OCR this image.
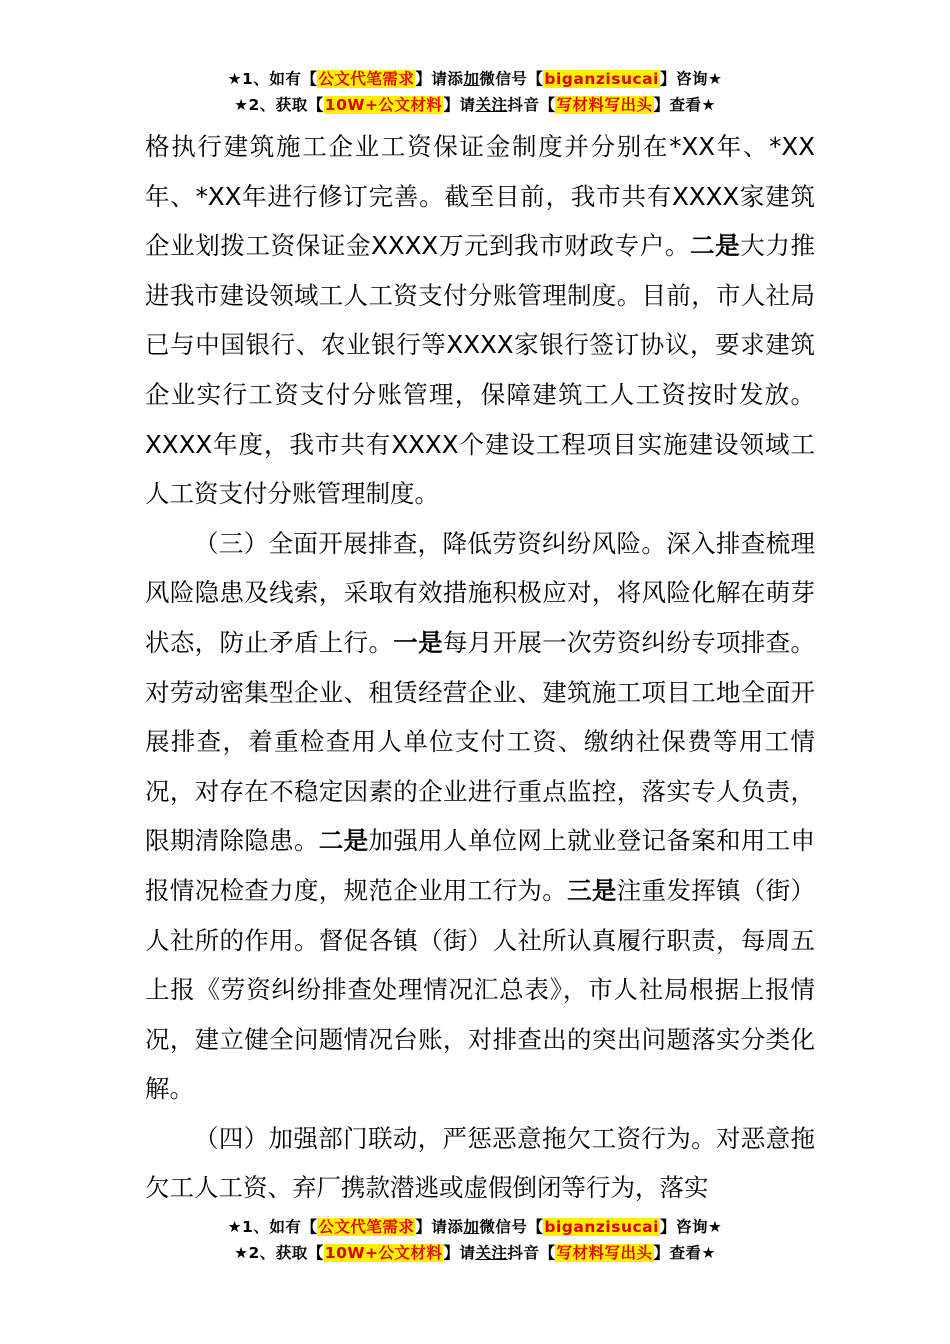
★1、如有【公文代笔需求】请添加微信号【biganzisucai】咨询★
★2、获取【10W+公文材料】请关注抖音【写材料写出头】查看★

格执行建筑施工企业工资保证金制度并分别在*XX年、*XX年、*XX年进行修订完善。截至目前，我市共有XXXX家建筑企业划拨工资保证金XXXX万元到我市财政专户。二是大力推进我市建设领域工人工资支付分账管理制度。目前，市人社局已与中国银行、农业银行等XXXX家银行签订协议，要求建筑企业实行工资支付分账管理，保障建筑工人工资按时发放。XXXX年度，我市共有XXXX个建设工程项目实施建设领域工人工资支付分账管理制度。

（三）全面开展排查，降低劳资纠纷风险。深入排查梳理风险隐患及线索，采取有效措施积极应对，将风险化解在萌芽状态，防止矛盾上行。一是每月开展一次劳资纠纷专项排查。对劳动密集型企业、租赁经营企业、建筑施工项目工地全面开展排查，着重检查用人单位支付工资、缴纳社保费等用工情况，对存在不稳定因素的企业进行重点监控，落实专人负责，限期清除隐患。二是加强用人单位网上就业登记备案和用工申报情况检查力度，规范企业用工行为。三是注重发挥镇（街）人社所的作用。督促各镇（街）人社所认真履行职责，每周五上报《劳资纠纷排查处理情况汇总表》，市人社局根据上报情况，建立健全问题情况台账，对排查出的突出问题落实分类化解。

（四）加强部门联动，严惩恶意拖欠工资行为。对恶意拖欠工人工资、弃厂携款潜逃或虚假倒闭等行为，落实

★1、如有【公文代笔需求】请添加微信号【biganzisucai】咨询★
★2、获取【10W+公文材料】请关注抖音【写材料写出头】查看★
